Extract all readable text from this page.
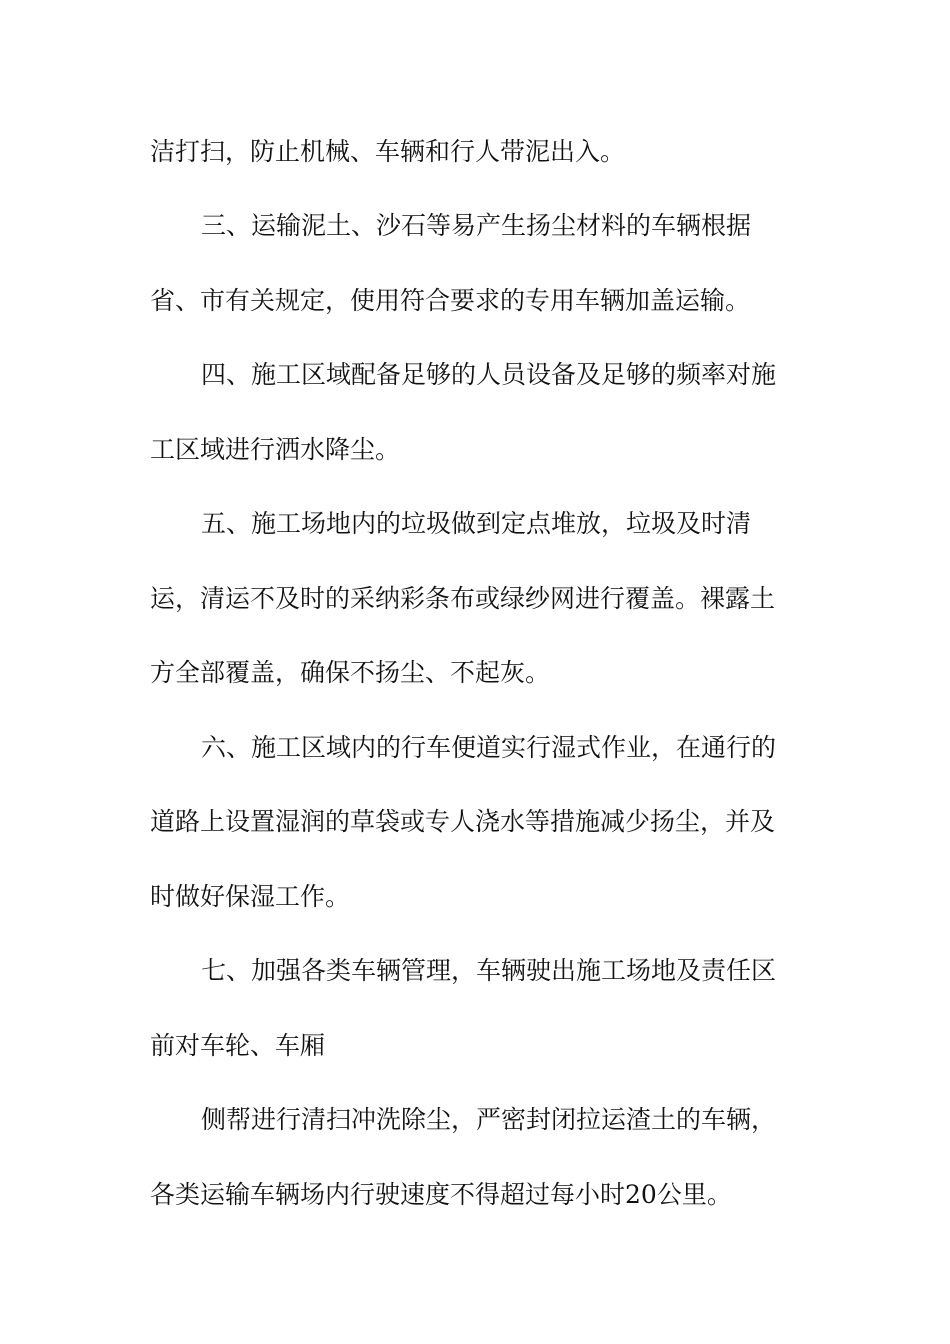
洁打扫，防止机械、车辆和行人带泥出入。
三、运输泥土、沙石等易产生扬尘材料的车辆根据
省、市有关规定，使用符合要求的专用车辆加盖运输。
四、施工区域配备足够的人员设备及足够的频率对施
工区域进行洒水降尘。
五、施工场地内的垃圾做到定点堆放，垃圾及时清
运，清运不及时的采纳彩条布或绿纱网进行覆盖。裸露土
方全部覆盖，确保不扬尘、不起灰。
六、施工区域内的行车便道实行湿式作业，在通行的
道路上设置湿润的草袋或专人浇水等措施减少扬尘，并及
时做好保湿工作。
七、加强各类车辆管理，车辆驶出施工场地及责任区
前对车轮、车厢
侧帮进行清扫冲洗除尘，严密封闭拉运渣土的车辆，
各类运输车辆场内行驶速度不得超过每小时20公里。
